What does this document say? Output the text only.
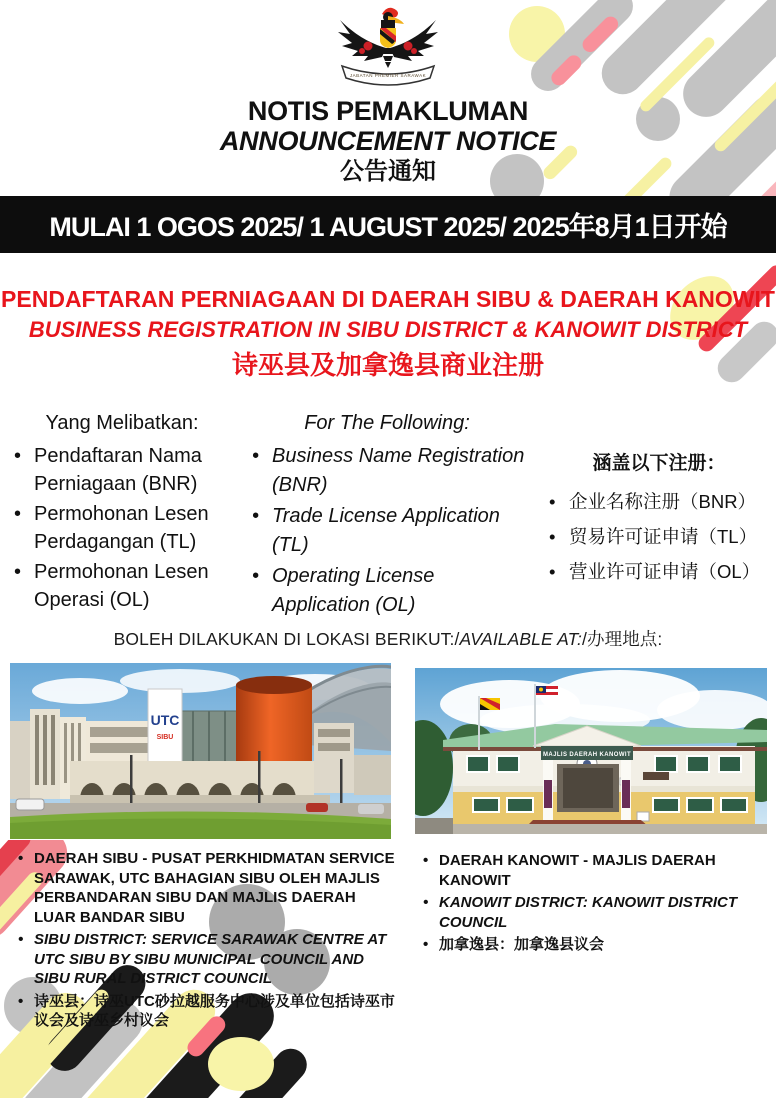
JABATAN PREMIER SARAWAK
NOTIS PEMAKLUMAN
ANNOUNCEMENT NOTICE
公告通知
MULAI 1 OGOS 2025/ 1 AUGUST 2025/ 2025年8月1日开始
PENDAFTARAN PERNIAGAAN DI DAERAH SIBU & DAERAH KANOWIT
BUSINESS REGISTRATION IN SIBU DISTRICT & KANOWIT DISTRICT
诗巫县及加拿逸县商业注册
Yang Melibatkan:
• Pendaftaran Nama Perniagaan (BNR)
• Permohonan Lesen Perdagangan (TL)
• Permohonan Lesen Operasi (OL)
For The Following:
• Business Name Registration (BNR)
• Trade License Application (TL)
• Operating License Application (OL)
涵盖以下注册：
• 企业名称注册（BNR）
• 贸易许可证申请（TL）
• 营业许可证申请（OL）
BOLEH DILAKUKAN DI LOKASI BERIKUT:/AVAILABLE AT:/办理地点:
UTC
SIBU
MAJLIS DAERAH KANOWIT
• DAERAH SIBU - PUSAT PERKHIDMATAN SERVICE SARAWAK, UTC BAHAGIAN SIBU OLEH MAJLIS PERBANDARAN SIBU DAN MAJLIS DAERAH LUAR BANDAR SIBU
• SIBU DISTRICT: SERVICE SARAWAK CENTRE AT UTC SIBU BY SIBU MUNICIPAL COUNCIL AND SIBU RURAL DISTRICT COUNCIL
• 诗巫县：诗巫UTC砂拉越服务中心涉及单位包括诗巫市议会及诗巫乡村议会
• DAERAH KANOWIT - MAJLIS DAERAH KANOWIT
• KANOWIT DISTRICT: KANOWIT DISTRICT COUNCIL
• 加拿逸县：加拿逸县议会
